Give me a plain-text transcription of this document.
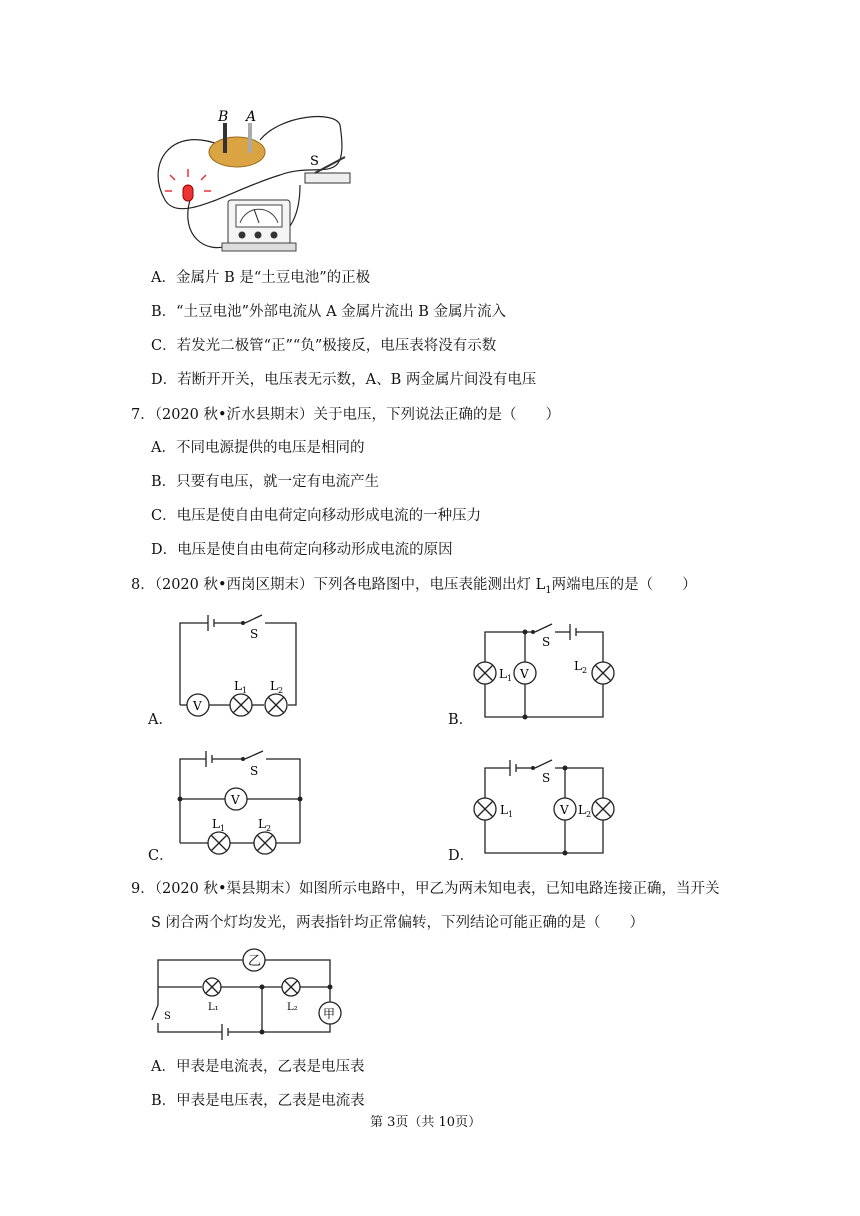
B A
S
A．金属片 B 是“土豆电池”的正极
B．“土豆电池”外部电流从 A 金属片流出 B 金属片流入
C．若发光二极管“正”“负”极接反，电压表将没有示数
D．若断开开关，电压表无示数，A、B 两金属片间没有电压
7．（2020 秋•沂水县期末）关于电压，下列说法正确的是（　　）
A．不同电源提供的电压是相同的
B．只要有电压，就一定有电流产生
C．电压是使自由电荷定向移动形成电流的一种压力
D．电压是使自由电荷定向移动形成电流的原因
8．（2020 秋•西岗区期末）下列各电路图中，电压表能测出灯 $L_1$两端电压的是（　　）
A．
S
V
$L_1$ $L_2$
B．
S
V
$L_1$
$L_2$
C．
S
V
$L_1$	$L_2$
D．
S
V
$L_1$	$L_2$
9．（2020 秋•渠县期末）如图所示电路中，甲乙为两未知电表，已知电路连接正确，当开关
S 闭合两个灯均发光，两表指针均正常偏转，下列结论可能正确的是（　　）
乙
甲
S
L₁	L₂
A．甲表是电流表，乙表是电压表
B．甲表是电压表，乙表是电流表
第 3页（共 10页）
